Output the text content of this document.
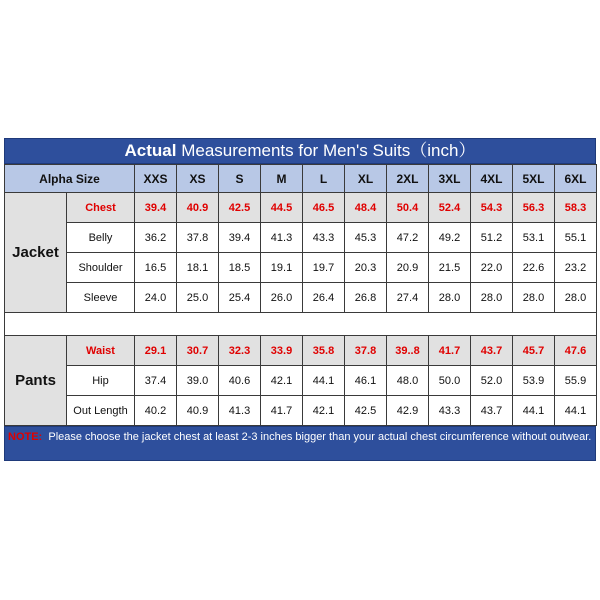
Actual Measurements for Men's Suits（inch）
Alpha Size		XXS	XS	S	M	L	XL	2XL	3XL	4XL	5XL	6XL
Jacket	Chest	39.4	40.9	42.5	44.5	46.5	48.4	50.4	52.4	54.3	56.3	58.3
	Belly	36.2	37.8	39.4	41.3	43.3	45.3	47.2	49.2	51.2	53.1	55.1
	Shoulder	16.5	18.1	18.5	19.1	19.7	20.3	20.9	21.5	22.0	22.6	23.2
	Sleeve	24.0	25.0	25.4	26.0	26.4	26.8	27.4	28.0	28.0	28.0	28.0

Pants	Waist	29.1	30.7	32.3	33.9	35.8	37.8	39..8	41.7	43.7	45.7	47.6
	Hip	37.4	39.0	40.6	42.1	44.1	46.1	48.0	50.0	52.0	53.9	55.9
	Out Length	40.2	40.9	41.3	41.7	42.1	42.5	42.9	43.3	43.7	44.1	44.1
NOTE: Please choose the jacket chest at least 2-3 inches bigger than your actual chest circumference without outwear.
